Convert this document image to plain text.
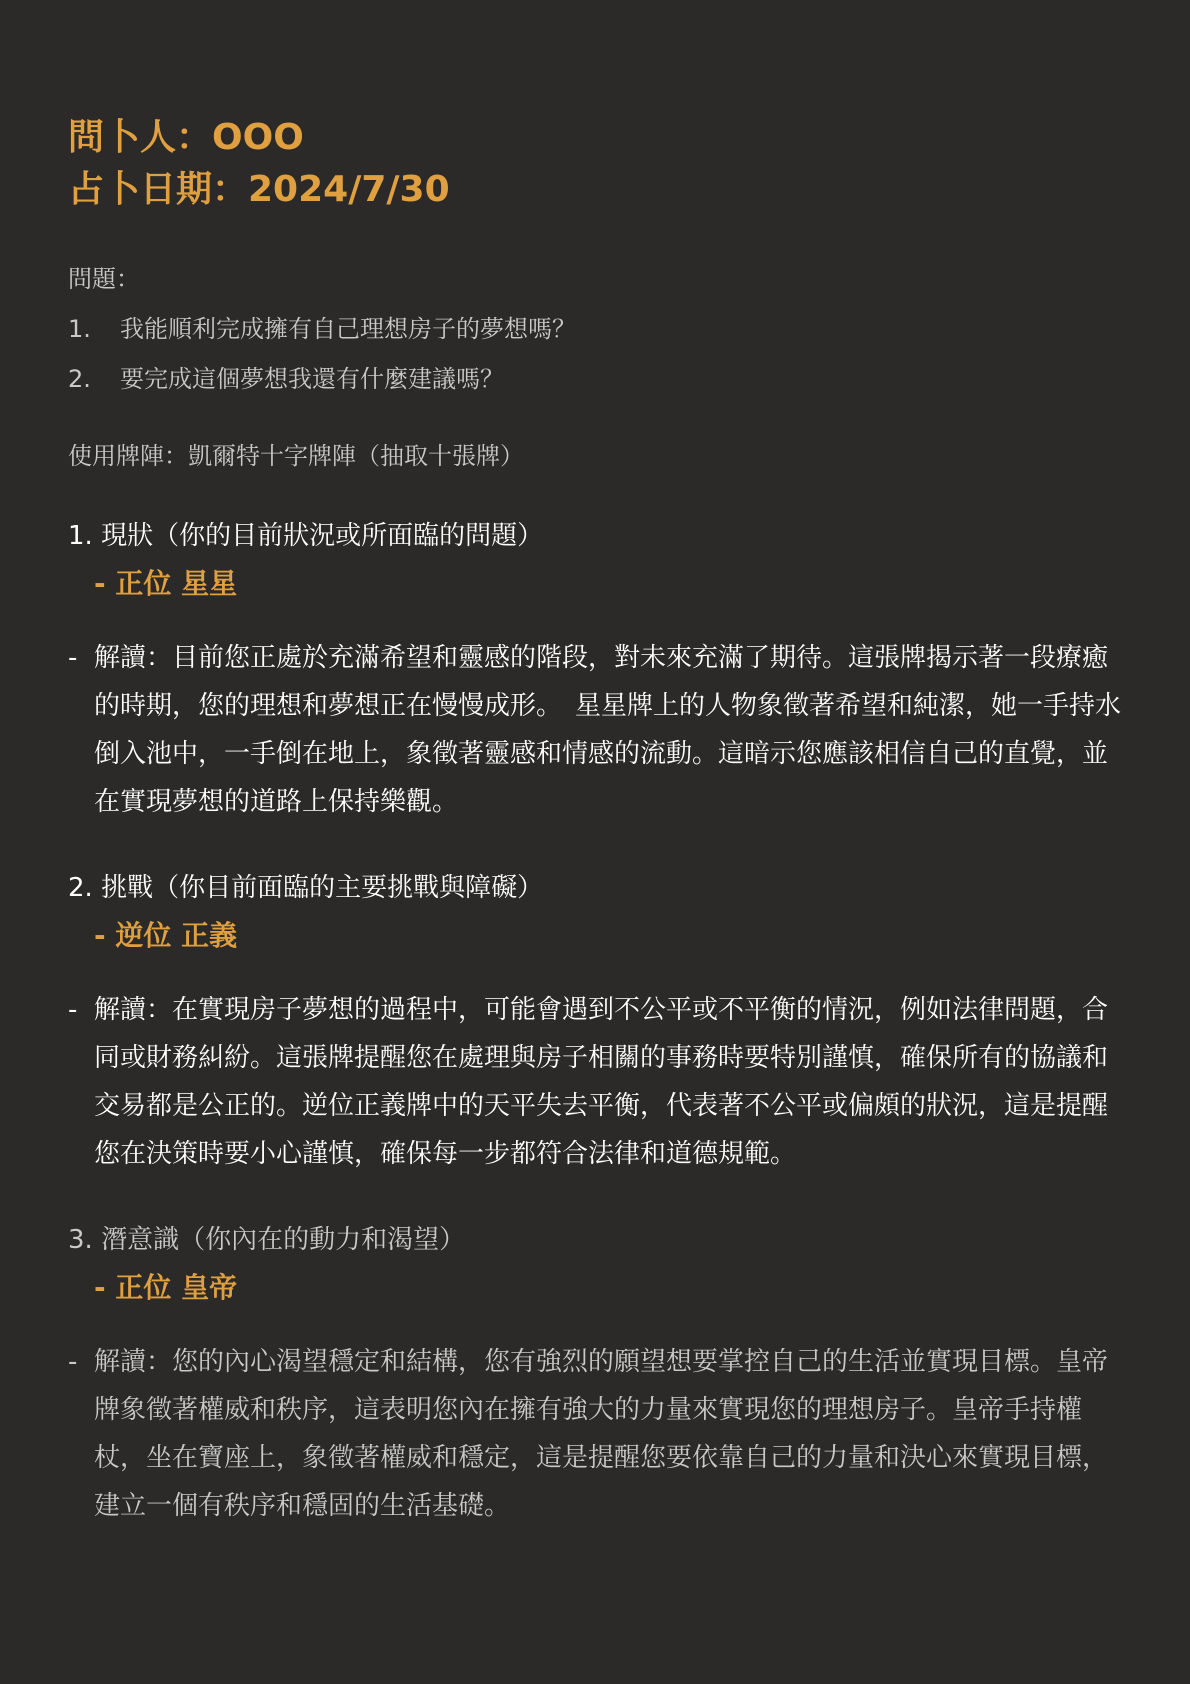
問卜人：OOO
占卜日期：2024/7/30
問題：
1.	我能順利完成擁有自己理想房子的夢想嗎？
2.	要完成這個夢想我還有什麼建議嗎？
使用牌陣：凱爾特十字牌陣（抽取十張牌）
1. 現狀（你的目前狀況或所面臨的問題）
- 正位 星星
- 解讀：目前您正處於充滿希望和靈感的階段，對未來充滿了期待。這張牌揭示著一段療癒的時期，您的理想和夢想正在慢慢成形。　星星牌上的人物象徵著希望和純潔，她一手持水倒入池中，一手倒在地上，象徵著靈感和情感的流動。這暗示您應該相信自己的直覺，並在實現夢想的道路上保持樂觀。
2. 挑戰（你目前面臨的主要挑戰與障礙）
- 逆位 正義
- 解讀：在實現房子夢想的過程中，可能會遇到不公平或不平衡的情況，例如法律問題，合同或財務糾紛。這張牌提醒您在處理與房子相關的事務時要特別謹慎，確保所有的協議和交易都是公正的。逆位正義牌中的天平失去平衡，代表著不公平或偏頗的狀況，這是提醒您在決策時要小心謹慎，確保每一步都符合法律和道德規範。
3. 潛意識（你內在的動力和渴望）
- 正位 皇帝
- 解讀：您的內心渴望穩定和結構，您有強烈的願望想要掌控自己的生活並實現目標。皇帝牌象徵著權威和秩序，這表明您內在擁有強大的力量來實現您的理想房子。皇帝手持權杖，坐在寶座上，象徵著權威和穩定，這是提醒您要依靠自己的力量和決心來實現目標，建立一個有秩序和穩固的生活基礎。
